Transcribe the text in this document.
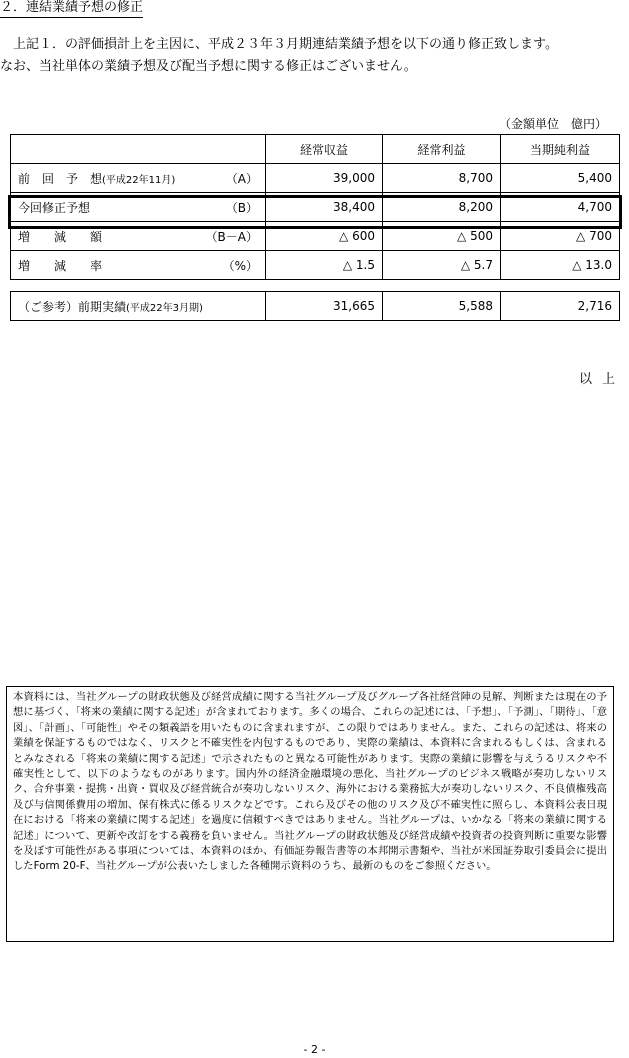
２．連結業績予想の修正
　上記１．の評価損計上を主因に、平成２３年３月期連結業績予想を以下の通り修正致します。
なお、当社単体の業績予想及び配当予想に関する修正はございません。
（金額単位　億円）
	経常収益	経常利益	当期純利益

前　回　予　想(平成22年11月) （A）	39,000	8,700	5,400

今回修正予想 （B）	38,400	8,200	4,700

増　　減　　額 （B－A）	△ 600	△ 500	△ 700

増　　減　　率 （%）	△ 1.5	△ 5.7	△ 13.0
（ご参考）前期実績(平成22年3月期)	31,665	5,588	2,716
以上

本資料には、当社グループの財政状態及び経営成績に関する当社グループ及びグループ各社経営陣の見解、判断または現在の予想に基づく、「将来の業績に関する記述」が含まれております。多くの場合、これらの記述には、「予想」、「予測」、「期待」、「意図」、「計画」、「可能性」やその類義語を用いたものに含まれますが、この限りではありません。また、これらの記述は、将来の業績を保証するものではなく、リスクと不確実性を内包するものであり、実際の業績は、本資料に含まれるもしくは、含まれるとみなされる「将来の業績に関する記述」で示されたものと異なる可能性があります。実際の業績に影響を与えうるリスクや不確実性として、以下のようなものがあります。国内外の経済金融環境の悪化、当社グループのビジネス戦略が奏功しないリスク、合弁事業・提携・出資・買収及び経営統合が奏功しないリスク、海外における業務拡大が奏功しないリスク、不良債権残高及び与信関係費用の増加、保有株式に係るリスクなどです。これら及びその他のリスク及び不確実性に照らし、本資料公表日現在における「将来の業績に関する記述」を過度に信頼すべきではありません。当社グループは、いかなる「将来の業績に関する記述」について、更新や改訂をする義務を負いません。当社グループの財政状態及び経営成績や投資者の投資判断に重要な影響を及ぼす可能性がある事項については、本資料のほか、有価証券報告書等の本邦開示書類や、当社が米国証券取引委員会に提出したForm 20-F、当社グループが公表いたしました各種開示資料のうち、最新のものをご参照ください。

- 2 -
